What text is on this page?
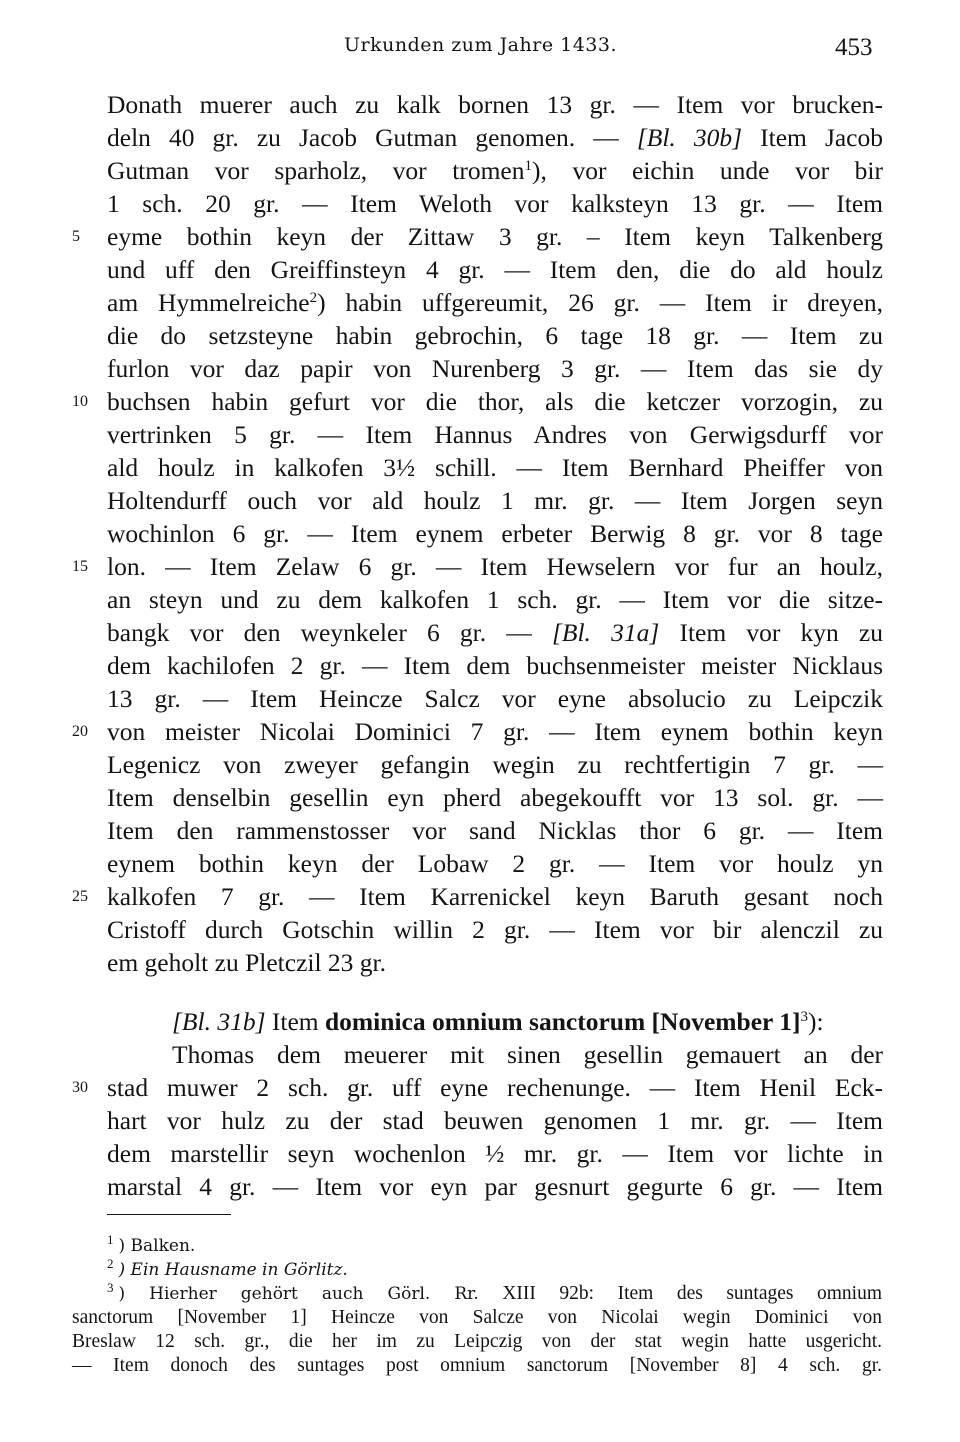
Urkunden zum Jahre 1433.	453
Donath muerer auch zu kalk bornen 13 gr. — Item vor brucken-
deln 40 gr. zu Jacob Gutman genomen. — [Bl. 30b] Item Jacob
Gutman vor sparholz, vor tromen$^1$), vor eichin unde vor bir
1 sch. 20 gr. — Item Weloth vor kalksteyn 13 gr. — Item
5	eyme bothin keyn der Zittaw 3 gr. – Item keyn Talkenberg
und uff den Greiffinsteyn 4 gr. — Item den, die do ald houlz
am Hymmelreiche$^2$) habin uffgereumit, 26 gr. — Item ir dreyen,
die do setzsteyne habin gebrochin, 6 tage 18 gr. — Item zu
furlon vor daz papir von Nurenberg 3 gr. — Item das sie dy
10 buchsen habin gefurt vor die thor, als die ketczer vorzogin, zu
vertrinken 5 gr. — Item Hannus Andres von Gerwigsdurff vor
ald houlz in kalkofen 3½ schill. — Item Bernhard Pheiffer von
Holtendurff ouch vor ald houlz 1 mr. gr. — Item Jorgen seyn
wochinlon 6 gr. — Item eynem erbeter Berwig 8 gr. vor 8 tage
15 lon. — Item Zelaw 6 gr. — Item Hewselern vor fur an houlz,
an steyn und zu dem kalkofen 1 sch. gr. — Item vor die sitze-
bangk vor den weynkeler 6 gr. — [Bl. 31a] Item vor kyn zu
dem kachilofen 2 gr. — Item dem buchsenmeister meister Nicklaus
13 gr. — Item Heincze Salcz vor eyne absolucio zu Leipczik
20 von meister Nicolai Dominici 7 gr. — Item eynem bothin keyn
Legenicz von zweyer gefangin wegin zu rechtfertigin 7 gr. —
Item denselbin gesellin eyn pherd abegekoufft vor 13 sol. gr. —
Item den rammenstosser vor sand Nicklas thor 6 gr. — Item
eynem bothin keyn der Lobaw 2 gr. — Item vor houlz yn
25 kalkofen 7 gr. — Item Karrenickel keyn Baruth gesant noch
Cristoff durch Gotschin willin 2 gr. — Item vor bir alenczil zu
em geholt zu Pletczil 23 gr.
[Bl. 31b] Item dominica omnium sanctorum [November 1]$^3$):
Thomas dem meuerer mit sinen gesellin gemauert an der
30 stad muwer 2 sch. gr. uff eyne rechenunge. — Item Henil Eck-
hart vor hulz zu der stad beuwen genomen 1 mr. gr. — Item
dem marstellir seyn wochenlon ½ mr. gr. — Item vor lichte in
marstal 4 gr. — Item vor eyn par gesnurt gegurte 6 gr. — Item
$^1$ ) Balken.
$^2$ ) Ein Hausname in Görlitz.
$^3$ ) Hierher gehört auch Görl. Rr. XIII 92b: Item des suntages omnium
sanctorum [November 1] Heincze von Salcze von Nicolai wegin Dominici von
Breslaw 12 sch. gr., die her im zu Leipczig von der stat wegin hatte usgericht.
— Item donoch des suntages post omnium sanctorum [November 8] 4 sch. gr.
